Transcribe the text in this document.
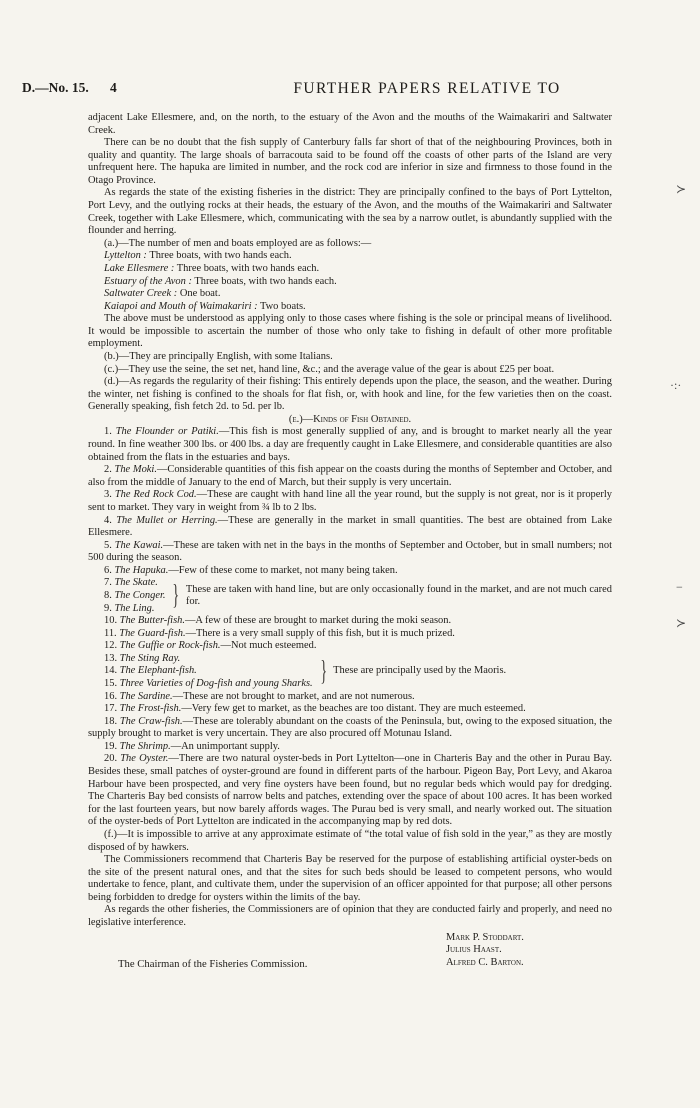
D.—No. 15. 4	FURTHER PAPERS RELATIVE TO
≻
·:·
−
≻

adjacent Lake Ellesmere, and, on the north, to the estuary of the Avon and the mouths of the Waimakariri and Saltwater Creek.

There can be no doubt that the fish supply of Canterbury falls far short of that of the neighbouring Provinces, both in quality and quantity. The large shoals of barracouta said to be found off the coasts of other parts of the Island are very unfrequent here. The hapuka are limited in number, and the rock cod are inferior in size and firmness to those found in the Otago Province.

As regards the state of the existing fisheries in the district: They are principally confined to the bays of Port Lyttelton, Port Levy, and the outlying rocks at their heads, the estuary of the Avon, and the mouths of the Waimakariri and Saltwater Creek, together with Lake Ellesmere, which, communicating with the sea by a narrow outlet, is abundantly supplied with the flounder and herring.

(a.)—The number of men and boats employed are as follows:—

Lyttelton : Three boats, with two hands each.

Lake Ellesmere : Three boats, with two hands each.

Estuary of the Avon : Three boats, with two hands each.

Saltwater Creek : One boat.

Kaiapoi and Mouth of Waimakariri : Two boats.

The above must be understood as applying only to those cases where fishing is the sole or principal means of livelihood. It would be impossible to ascertain the number of those who only take to fishing in default of other more profitable employment.

(b.)—They are principally English, with some Italians.

(c.)—They use the seine, the set net, hand line, &c.; and the average value of the gear is about £25 per boat.

(d.)—As regards the regularity of their fishing: This entirely depends upon the place, the season, and the weather. During the winter, net fishing is confined to the shoals for flat fish, or, with hook and line, for the few varieties then on the coast. Generally speaking, fish fetch 2d. to 5d. per lb.

(e.)—Kinds of Fish Obtained.

1. The Flounder or Patiki.—This fish is most generally supplied of any, and is brought to market nearly all the year round. In fine weather 300 lbs. or 400 lbs. a day are frequently caught in Lake Ellesmere, and considerable quantities are also obtained from the flats in the estuaries and bays.

2. The Moki.—Considerable quantities of this fish appear on the coasts during the months of September and October, and also from the middle of January to the end of March, but their supply is very uncertain.

3. The Red Rock Cod.—These are caught with hand line all the year round, but the supply is not great, nor is it properly sent to market. They vary in weight from ¾ lb to 2 lbs.

4. The Mullet or Herring.—These are generally in the market in small quantities. The best are obtained from Lake Ellesmere.

5. The Kawai.—These are taken with net in the bays in the months of September and October, but in small numbers; not 500 during the season.

6. The Hapuka.—Few of these come to market, not many being taken.

7. The Skate.
8. The Conger.
9. The Ling. } These are taken with hand line, but are only occasionally found in the market, and are not much cared for.

10. The Butter-fish.—A few of these are brought to market during the moki season.

11. The Guard-fish.—There is a very small supply of this fish, but it is much prized.

12. The Guffie or Rock-fish.—Not much esteemed.

13. The Sting Ray.
14. The Elephant-fish.
15. Three Varieties of Dog-fish and young Sharks. } These are principally used by the Maoris.

16. The Sardine.—These are not brought to market, and are not numerous.

17. The Frost-fish.—Very few get to market, as the beaches are too distant. They are much esteemed.

18. The Craw-fish.—These are tolerably abundant on the coasts of the Peninsula, but, owing to the exposed situation, the supply brought to market is very uncertain. They are also procured off Motunau Island.

19. The Shrimp.—An unimportant supply.

20. The Oyster.—There are two natural oyster-beds in Port Lyttelton—one in Charteris Bay and the other in Purau Bay. Besides these, small patches of oyster-ground are found in different parts of the harbour. Pigeon Bay, Port Levy, and Akaroa Harbour have been prospected, and very fine oysters have been found, but no regular beds which would pay for dredging. The Charteris Bay bed consists of narrow belts and patches, extending over the space of about 100 acres. It has been worked for the last fourteen years, but now barely affords wages. The Purau bed is very small, and nearly worked out. The situation of the oyster-beds of Port Lyttelton are indicated in the accompanying map by red dots.

(f.)—It is impossible to arrive at any approximate estimate of “the total value of fish sold in the year,” as they are mostly disposed of by hawkers.

The Commissioners recommend that Charteris Bay be reserved for the purpose of establishing artificial oyster-beds on the site of the present natural ones, and that the sites for such beds should be leased to competent persons, who would undertake to fence, plant, and cultivate them, under the supervision of an officer appointed for that purpose; all other persons being forbidden to dredge for oysters within the limits of the bay.

As regards the other fisheries, the Commissioners are of opinion that they are conducted fairly and properly, and need no legislative interference.

Mark P. Stoddart.
Julius Haast.
Alfred C. Barton.
The Chairman of the Fisheries Commission.
